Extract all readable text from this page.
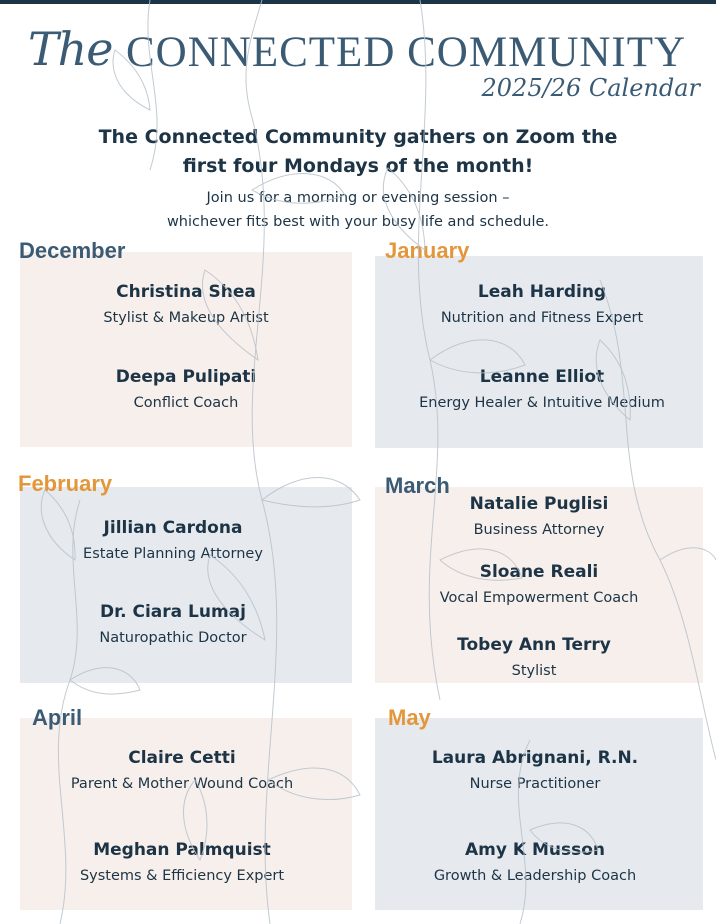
The CONNECTED COMMUNITY
2025/26 Calendar
The Connected Community gathers on Zoom the
first four Mondays of the month!
Join us for a morning or evening session –
whichever fits best with your busy life and schedule.
December	January
February	March
April	May
Christina Shea
Stylist & Makeup Artist
Deepa Pulipati
Conflict Coach
Leah Harding
Nutrition and Fitness Expert
Leanne Elliot
Energy Healer & Intuitive Medium
Jillian Cardona
Estate Planning Attorney
Dr. Ciara Lumaj
Naturopathic Doctor
Natalie Puglisi
Business Attorney
Sloane Reali
Vocal Empowerment Coach
Tobey Ann Terry
Stylist
Claire Cetti
Parent & Mother Wound Coach
Meghan Palmquist
Systems & Efficiency Expert
Laura Abrignani, R.N.
Nurse Practitioner
Amy K Musson
Growth & Leadership Coach
